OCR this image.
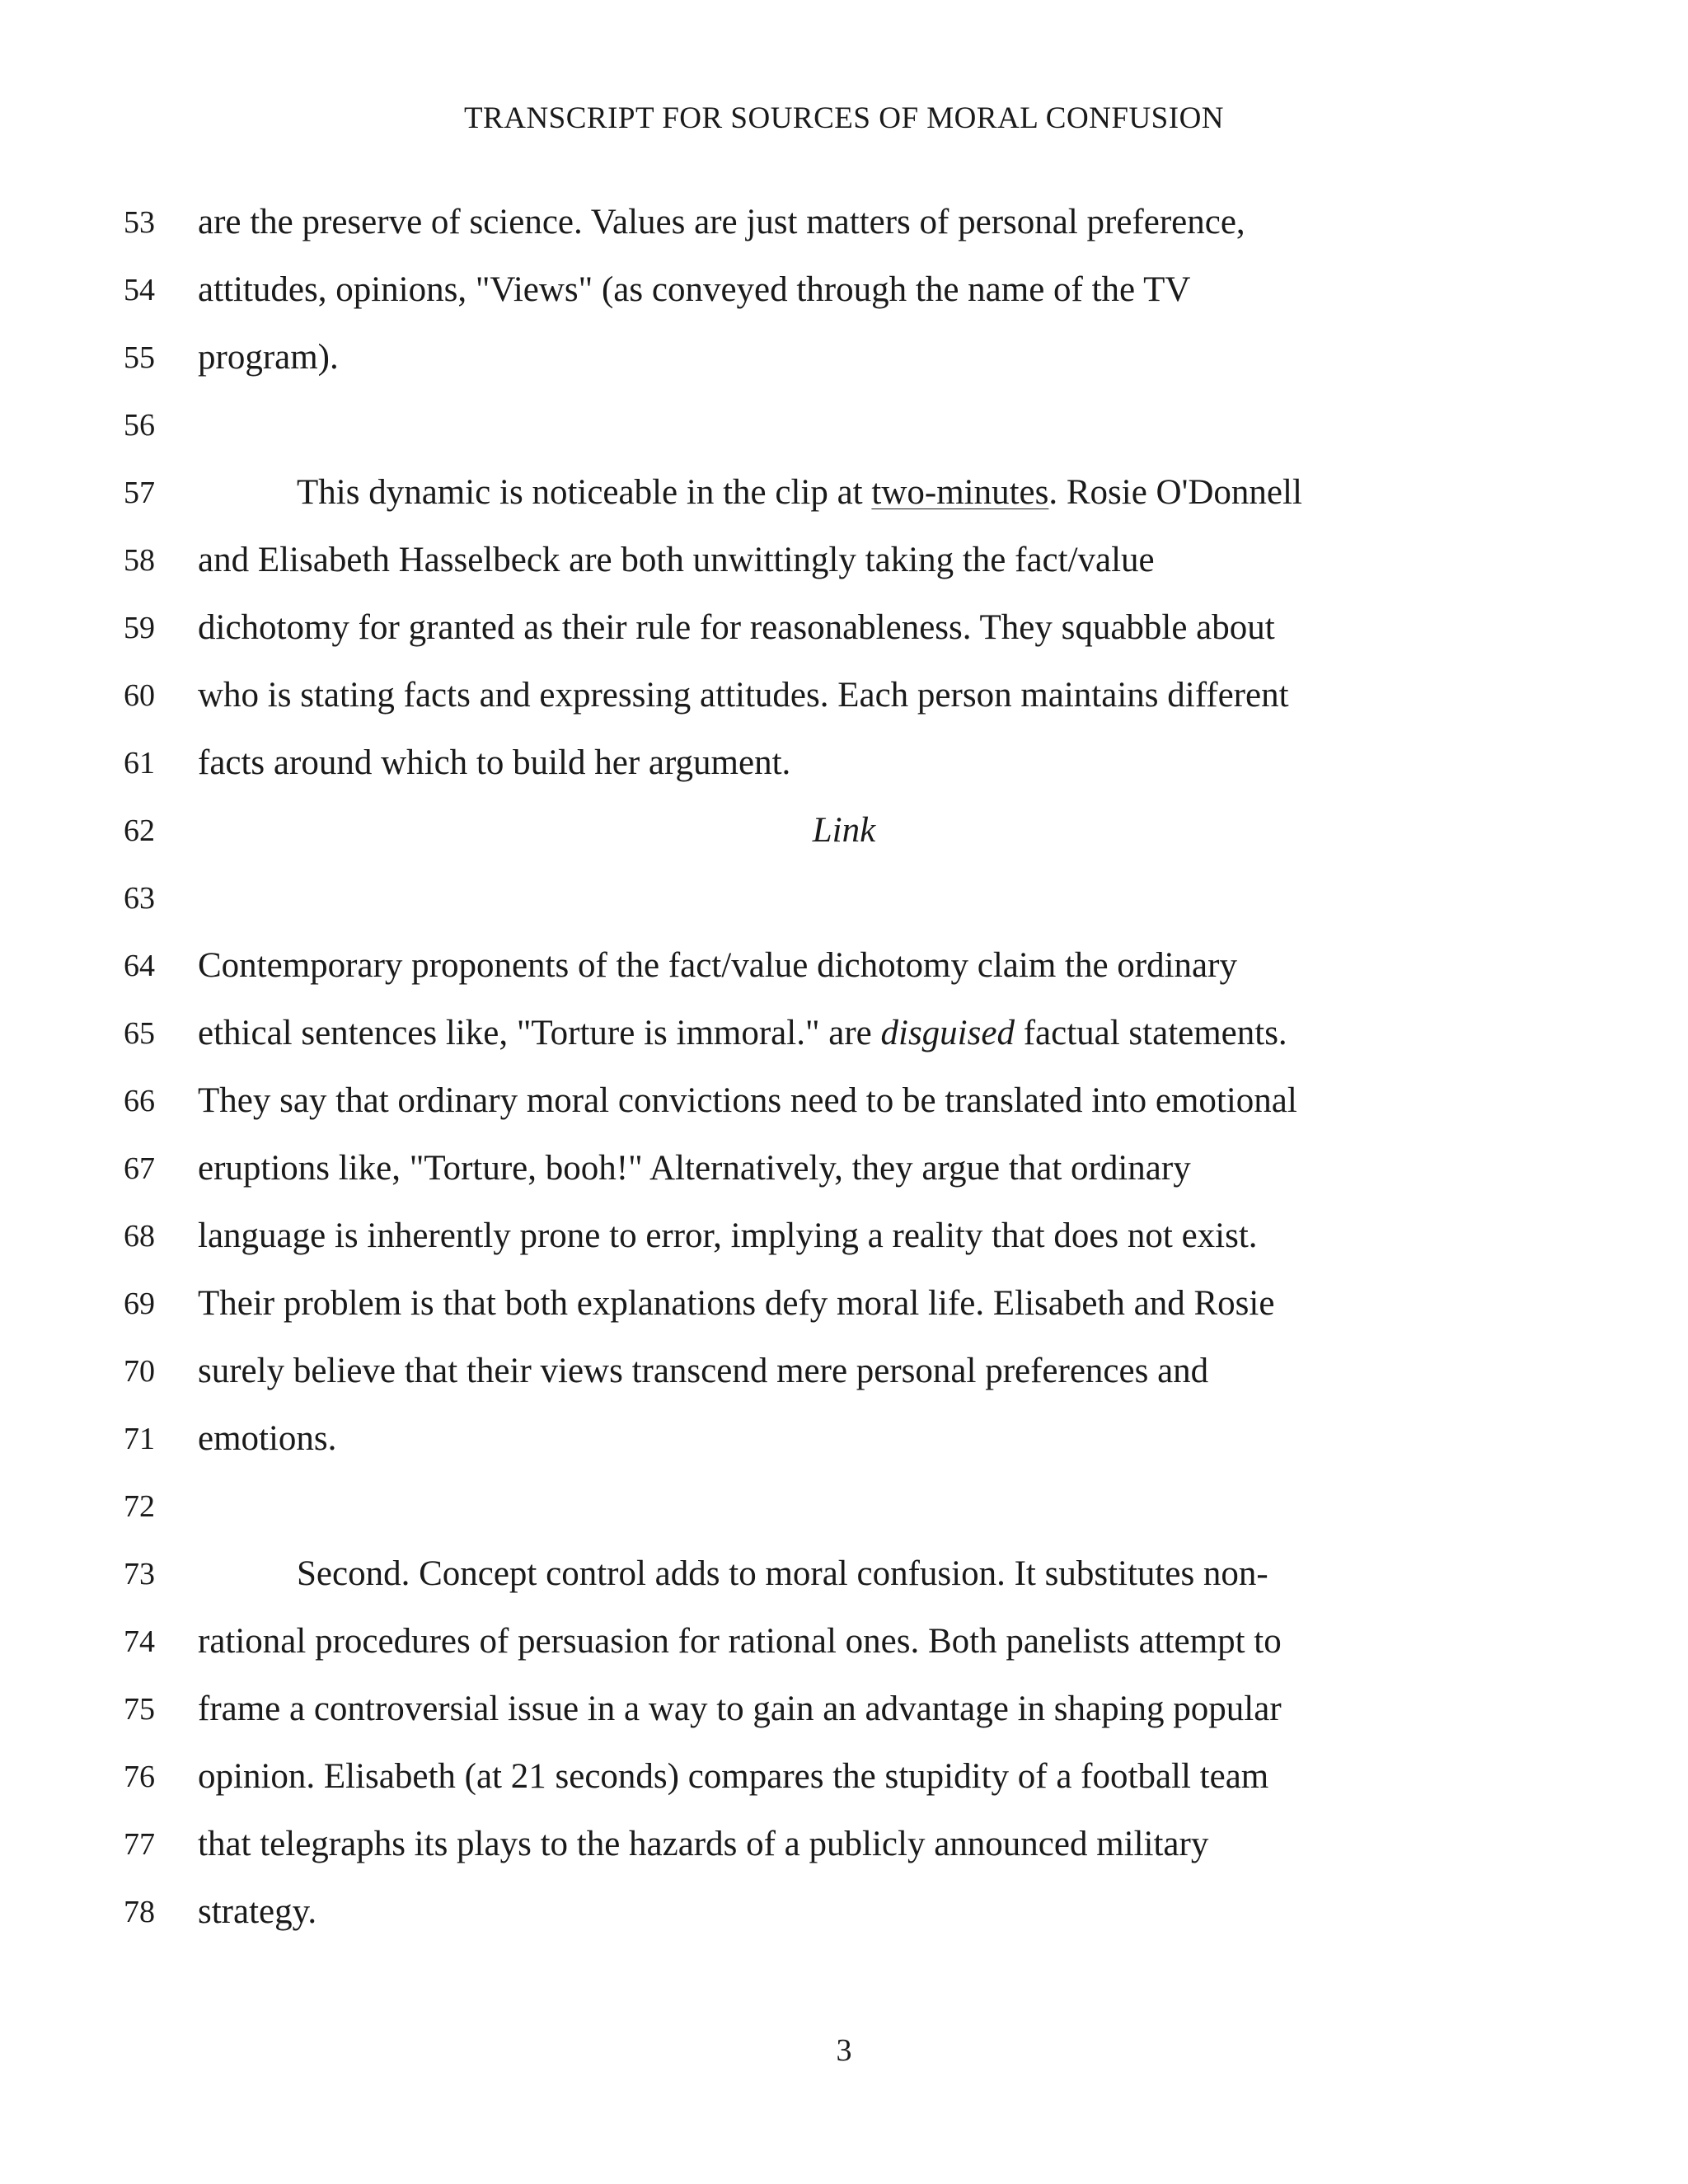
TRANSCRIPT FOR SOURCES OF MORAL CONFUSION
53 are the preserve of science. Values are just matters of personal preference,
54 attitudes, opinions, "Views" (as conveyed through the name of the TV
55 program).
56
57	This dynamic is noticeable in the clip at two-minutes. Rosie O'Donnell
58 and Elisabeth Hasselbeck are both unwittingly taking the fact/value
59 dichotomy for granted as their rule for reasonableness. They squabble about
60 who is stating facts and expressing attitudes. Each person maintains different
61 facts around which to build her argument.
62	Link
63
64 Contemporary proponents of the fact/value dichotomy claim the ordinary
65 ethical sentences like, "Torture is immoral." are disguised factual statements.
66 They say that ordinary moral convictions need to be translated into emotional
67 eruptions like, "Torture, booh!" Alternatively, they argue that ordinary
68 language is inherently prone to error, implying a reality that does not exist.
69 Their problem is that both explanations defy moral life. Elisabeth and Rosie
70 surely believe that their views transcend mere personal preferences and
71 emotions.
72
73	Second. Concept control adds to moral confusion. It substitutes non-
74 rational procedures of persuasion for rational ones. Both panelists attempt to
75 frame a controversial issue in a way to gain an advantage in shaping popular
76 opinion. Elisabeth (at 21 seconds) compares the stupidity of a football team
77 that telegraphs its plays to the hazards of a publicly announced military
78 strategy.
3
